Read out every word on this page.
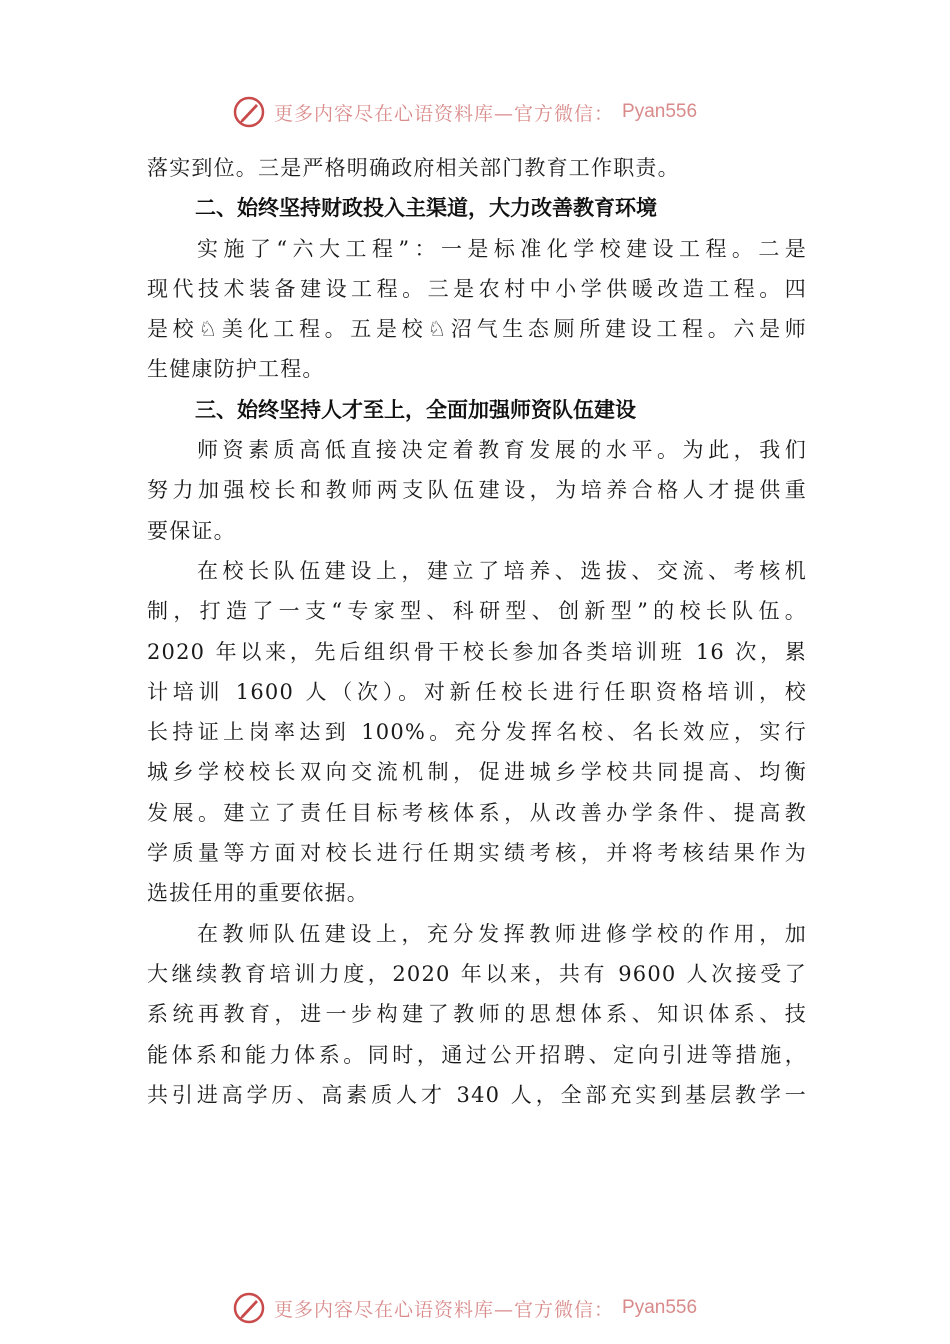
更多内容尽在心语资料库—官方微信： Pyan556
落实到位。三是严格明确政府相关部门教育工作职责。
二、始终坚持财政投入主渠道，大力改善教育环境
实施了“六大工程”：一是标准化学校建设工程。二是
现代技术装备建设工程。三是农村中小学供暖改造工程。四
是校♘美化工程。五是校♘沼气生态厕所建设工程。六是师
生健康防护工程。
三、始终坚持人才至上，全面加强师资队伍建设
师资素质高低直接决定着教育发展的水平。为此，我们
努力加强校长和教师两支队伍建设，为培养合格人才提供重
要保证。
在校长队伍建设上，建立了培养、选拔、交流、考核机
制，打造了一支“专家型、科研型、创新型”的校长队伍。
2020 年以来，先后组织骨干校长参加各类培训班 16 次，累
计培训 1600 人（次）。对新任校长进行任职资格培训，校
长持证上岗率达到 100%。充分发挥名校、名长效应，实行
城乡学校校长双向交流机制，促进城乡学校共同提高、均衡
发展。建立了责任目标考核体系，从改善办学条件、提高教
学质量等方面对校长进行任期实绩考核，并将考核结果作为
选拔任用的重要依据。
在教师队伍建设上，充分发挥教师进修学校的作用，加
大继续教育培训力度，2020 年以来，共有 9600 人次接受了
系统再教育，进一步构建了教师的思想体系、知识体系、技
能体系和能力体系。同时，通过公开招聘、定向引进等措施，
共引进高学历、高素质人才 340 人，全部充实到基层教学一
更多内容尽在心语资料库—官方微信： Pyan556
